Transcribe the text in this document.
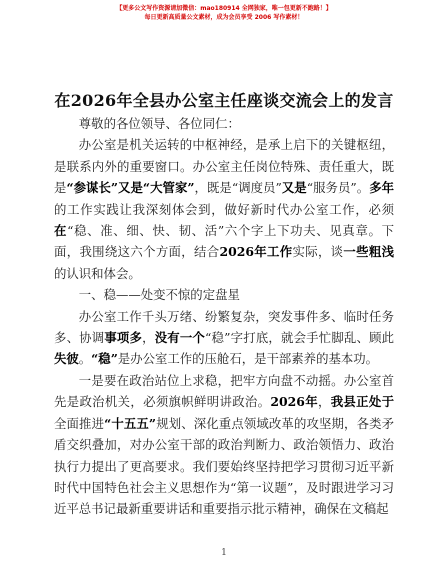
【更多公文写作资源请加微信：mao180914 全网独家，唯一包更新不跑路！】
每日更新高质量公文素材，成为会员享受 2006 写作素材！
在2026年全县办公室主任座谈交流会上的发言

尊敬的各位领导、各位同仁：

办公室是机关运转的中枢神经，是承上启下的关键枢纽，是联系内外的重要窗口。办公室主任岗位特殊、责任重大，既是“参谋长”又是“大管家”，既是“调度员”又是“服务员”。多年的工作实践让我深刻体会到，做好新时代办公室工作，必须在“稳、准、细、快、韧、活”六个字上下功夫、见真章。下面，我围绕这六个方面，结合2026年工作实际，谈一些粗浅的认识和体会。

一、稳——处变不惊的定盘星

办公室工作千头万绪、纷繁复杂，突发事件多、临时任务多、协调事项多，没有一个“稳”字打底，就会手忙脚乱、顾此失彼。“稳”是办公室工作的压舱石，是干部素养的基本功。

一是要在政治站位上求稳，把牢方向盘不动摇。办公室首先是政治机关，必须旗帜鲜明讲政治。2026年，我县正处于全面推进“十五五”规划、深化重点领域改革的攻坚期，各类矛盾交织叠加，对办公室干部的政治判断力、政治领悟力、政治执行力提出了更高要求。我们要始终坚持把学习贯彻习近平新时代中国特色社会主义思想作为“第一议题”，及时跟进学习习近平总书记最新重要讲话和重要指示批示精神，确保在文稿起

1
